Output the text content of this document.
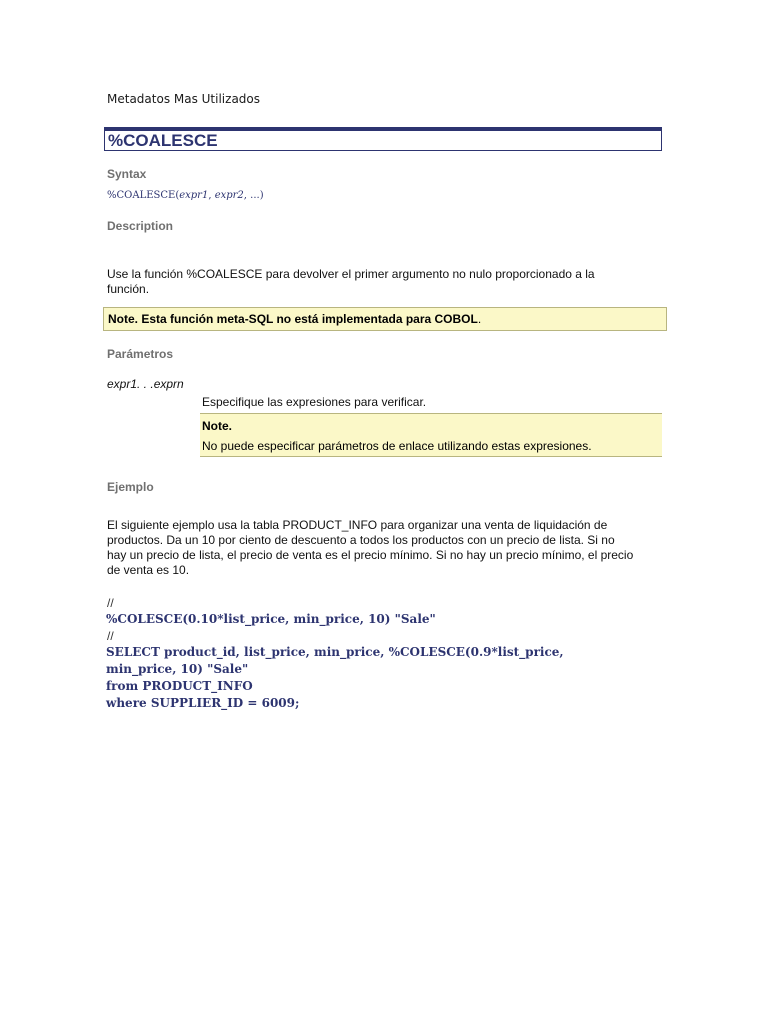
Metadatos Mas Utilizados
%COALESCE
Syntax
%COALESCE(expr1, expr2, ...)
Description
Use la función %COALESCE para devolver el primer argumento no nulo proporcionado a la
función.
Note. Esta función meta-SQL no está implementada para COBOL.
Parámetros
expr1. . .exprn
Especifique las expresiones para verificar.
Note.
No puede especificar parámetros de enlace utilizando estas expresiones.
Ejemplo
El siguiente ejemplo usa la tabla PRODUCT_INFO para organizar una venta de liquidación de
productos. Da un 10 por ciento de descuento a todos los productos con un precio de lista. Si no
hay un precio de lista, el precio de venta es el precio mínimo. Si no hay un precio mínimo, el precio
de venta es 10.
//
%COLESCE(0.10*list_price, min_price, 10) "Sale"
//
SELECT product_id, list_price, min_price, %COLESCE(0.9*list_price,
min_price, 10) "Sale"
from PRODUCT_INFO
where SUPPLIER_ID = 6009;
